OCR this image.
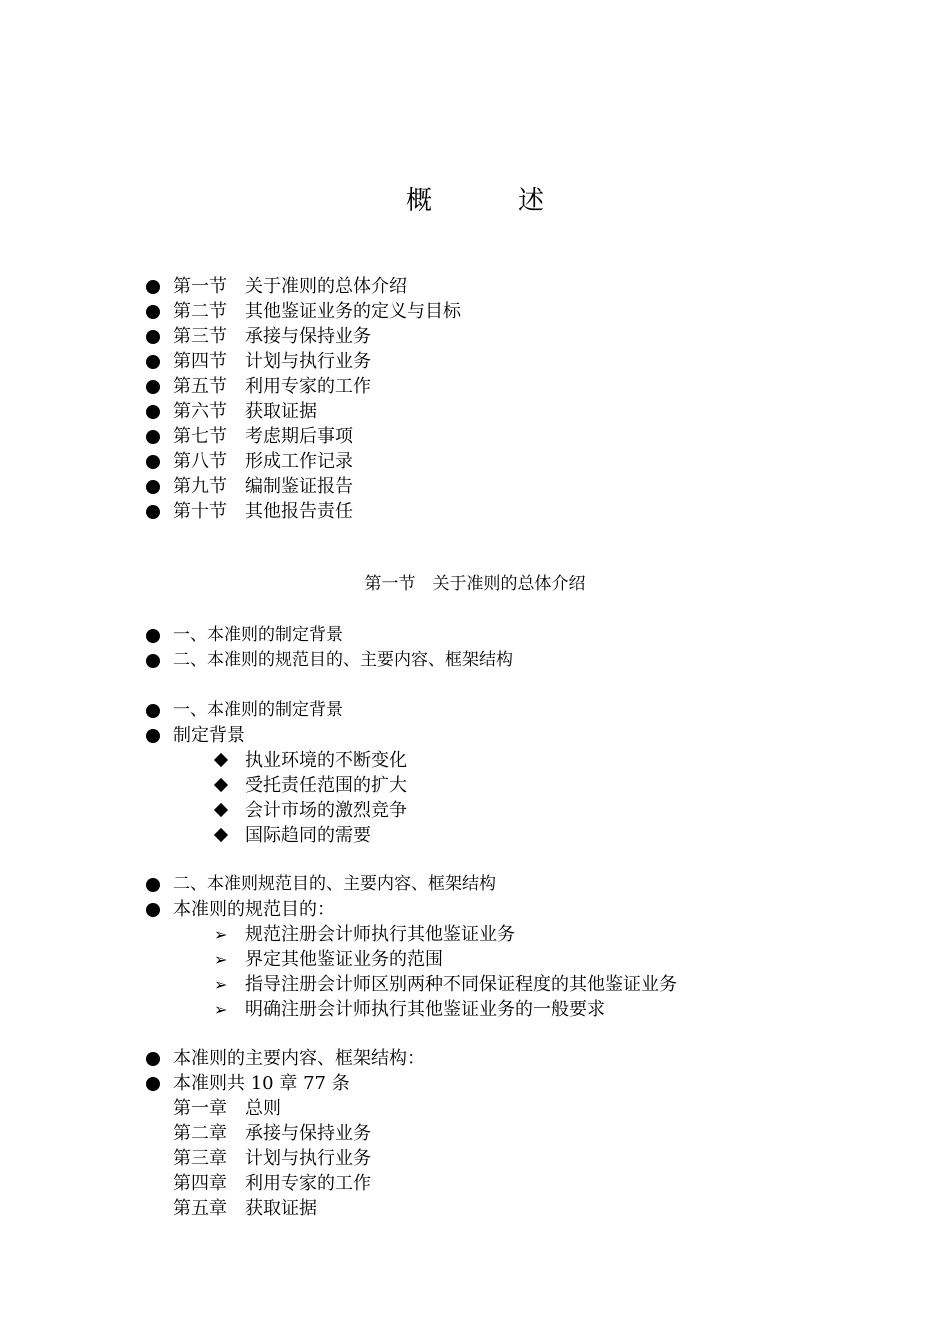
概　述
第一节　关于准则的总体介绍
第二节　其他鉴证业务的定义与目标
第三节　承接与保持业务
第四节　计划与执行业务
第五节　利用专家的工作
第六节　获取证据
第七节　考虑期后事项
第八节　形成工作记录
第九节　编制鉴证报告
第十节　其他报告责任
第一节　关于准则的总体介绍
一、本准则的制定背景
二、本准则的规范目的、主要内容、框架结构
一、本准则的制定背景
制定背景
执业环境的不断变化
受托责任范围的扩大
会计市场的激烈竞争
国际趋同的需要
二、本准则规范目的、主要内容、框架结构
本准则的规范目的：
➢ 规范注册会计师执行其他鉴证业务
➢ 界定其他鉴证业务的范围
➢ 指导注册会计师区别两种不同保证程度的其他鉴证业务
➢ 明确注册会计师执行其他鉴证业务的一般要求
本准则的主要内容、框架结构：
本准则共 10 章 77 条
第一章　总则
第二章　承接与保持业务
第三章　计划与执行业务
第四章　利用专家的工作
第五章　获取证据
